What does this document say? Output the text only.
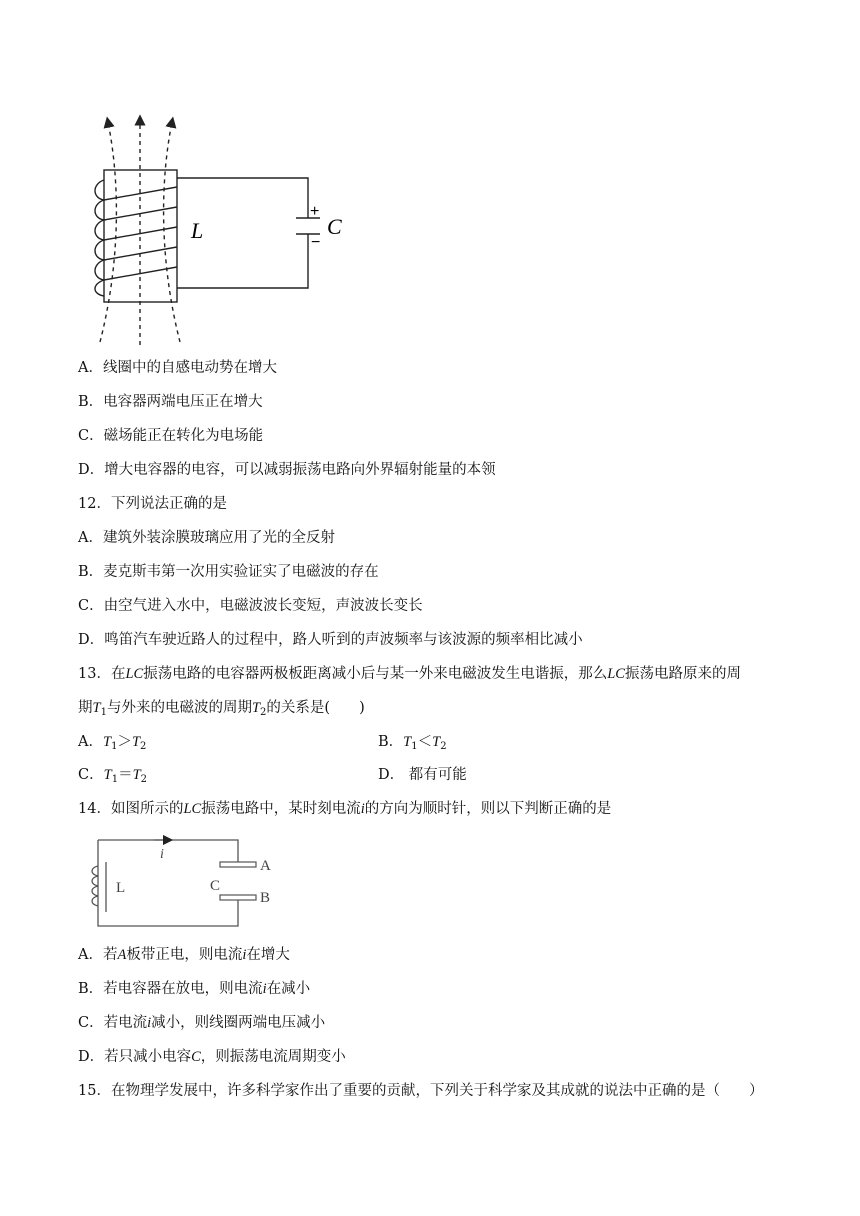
+
−
L	C
A．线圈中的自感电动势在增大
B．电容器两端电压正在增大
C．磁场能正在转化为电场能
D．增大电容器的电容，可以减弱振荡电路向外界辐射能量的本领
12．下列说法正确的是
A．建筑外装涂膜玻璃应用了光的全反射
B．麦克斯韦第一次用实验证实了电磁波的存在
C．由空气进入水中，电磁波波长变短，声波波长变长
D．鸣笛汽车驶近路人的过程中，路人听到的声波频率与该波源的频率相比减小
13．在LC振荡电路的电容器两极板距离减小后与某一外来电磁波发生电谐振，那么LC振荡电路原来的周
期$T_1$与外来的电磁波的周期$T_2$的关系是(　　)
A．$T_1>T_2$	B．$T_1<T_2$
C．$T_1=T_2$	D． 都有可能
14．如图所示的LC振荡电路中，某时刻电流i的方向为顺时针，则以下判断正确的是
i
L	C
A
B
A．若A板带正电，则电流i在增大
B．若电容器在放电，则电流i在减小
C．若电流i减小，则线圈两端电压减小
D．若只减小电容C，则振荡电流周期变小
15．在物理学发展中，许多科学家作出了重要的贡献，下列关于科学家及其成就的说法中正确的是（　　）
